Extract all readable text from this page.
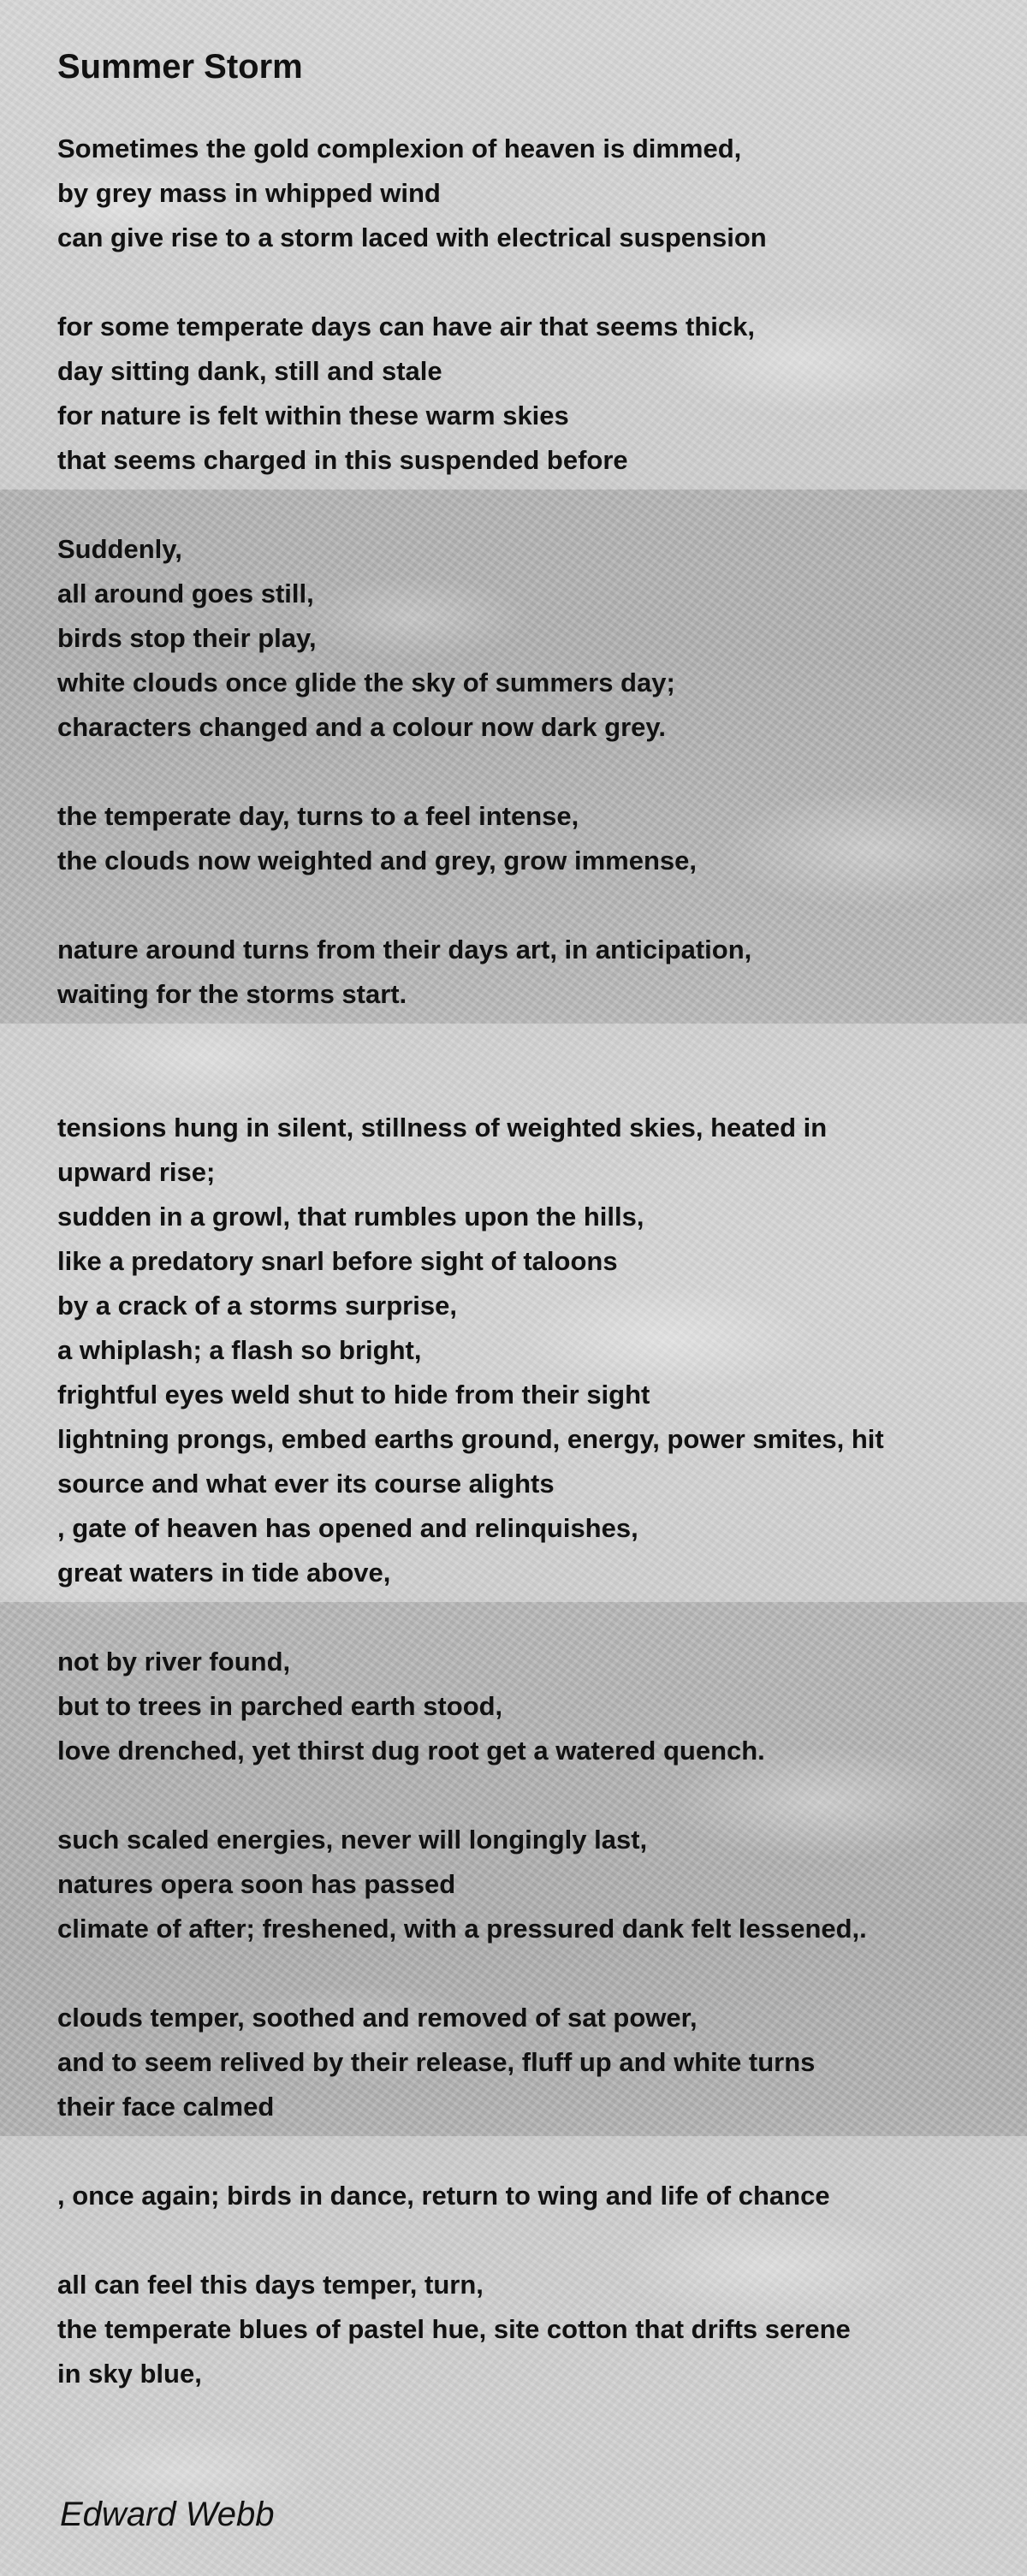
Summer Storm
Sometimes the gold complexion of heaven is dimmed,
by grey mass in whipped wind
can give rise to a storm laced with electrical suspension
for some temperate days can have air that seems thick,
day sitting dank, still and stale
for nature is felt within these warm skies
that seems charged in this suspended before
Suddenly,
all around goes still,
birds stop their play,
white clouds once glide the sky of summers day;
characters changed and a colour now dark grey.
the temperate day, turns to a feel intense,
the clouds now weighted and grey, grow immense,
nature around turns from their days art, in anticipation,
waiting for the storms start.
tensions hung in silent, stillness of weighted skies, heated in
upward rise;
sudden in a growl, that rumbles upon the hills,
like a predatory snarl before sight of taloons
by a crack of a storms surprise,
a whiplash; a flash so bright,
frightful eyes weld shut to hide from their sight
lightning prongs, embed earths ground, energy, power smites, hit
source and what ever its course alights
, gate of heaven has opened and relinquishes,
great waters in tide above,
not by river found,
but to trees in parched earth stood,
love drenched, yet thirst dug root get a watered quench.
such scaled energies, never will longingly last,
natures opera soon has passed
climate of after; freshened, with a pressured dank felt lessened,.
clouds temper, soothed and removed of sat power,
and to seem relived by their release, fluff up and white turns
their face calmed
, once again; birds in dance, return to wing and life of chance
all can feel this days temper, turn,
the temperate blues of pastel hue, site cotton that drifts serene
in sky blue,
Edward Webb
